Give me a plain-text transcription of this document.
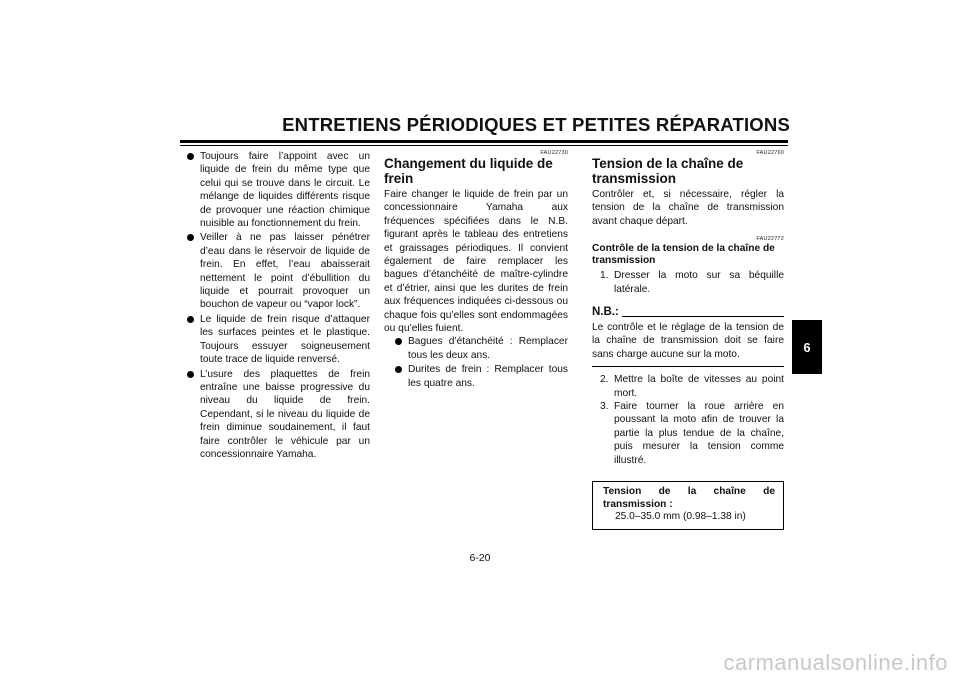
ENTRETIENS PÉRIODIQUES ET PETITES RÉPARATIONS
Toujours faire l’appoint avec un liquide de frein du même type que celui qui se trouve dans le circuit. Le mélange de liquides différents risque de provoquer une réaction chimique nuisible au fonctionnement du frein.
Veiller à ne pas laisser pénétrer d’eau dans le réservoir de liquide de frein. En effet, l’eau abaisserait nettement le point d’ébullition du liquide et pourrait provoquer un bouchon de vapeur ou “vapor lock”.
Le liquide de frein risque d’attaquer les surfaces peintes et le plastique. Toujours essuyer soigneusement toute trace de liquide renversé.
L’usure des plaquettes de frein entraîne une baisse progressive du niveau du liquide de frein. Cependant, si le niveau du liquide de frein diminue soudainement, il faut faire contrôler le véhicule par un concessionnaire Yamaha.

FAU22730

Changement du liquide de frein

Faire changer le liquide de frein par un concessionnaire Yamaha aux fréquences spécifiées dans le N.B. figurant après le tableau des entretiens et graissages périodiques. Il convient également de faire remplacer les bagues d’étanchéité de maître-cylindre et d’étrier, ainsi que les durites de frein aux fréquences indiquées ci-dessous ou chaque fois qu’elles sont endommagées ou qu’elles fuient.

Bagues d’étanchéité : Remplacer tous les deux ans.
Durites de frein : Remplacer tous les quatre ans.

FAU22760

Tension de la chaîne de transmission

Contrôler et, si nécessaire, régler la tension de la chaîne de transmission avant chaque départ.

FAU22772

Contrôle de la tension de la chaîne de transmission
1. Dresser la moto sur sa béquille latérale.
N.B.:
Le contrôle et le réglage de la tension de la chaîne de transmission doit se faire sans charge aucune sur la moto.
2. Mettre la boîte de vitesses au point mort.
3. Faire tourner la roue arrière en poussant la moto afin de trouver la partie la plus tendue de la chaîne, puis mesurer la tension comme illustré.
Tension de la chaîne de transmission :
25.0–35.0 mm (0.98–1.38 in)
6
6-20
carmanualsonline.info
